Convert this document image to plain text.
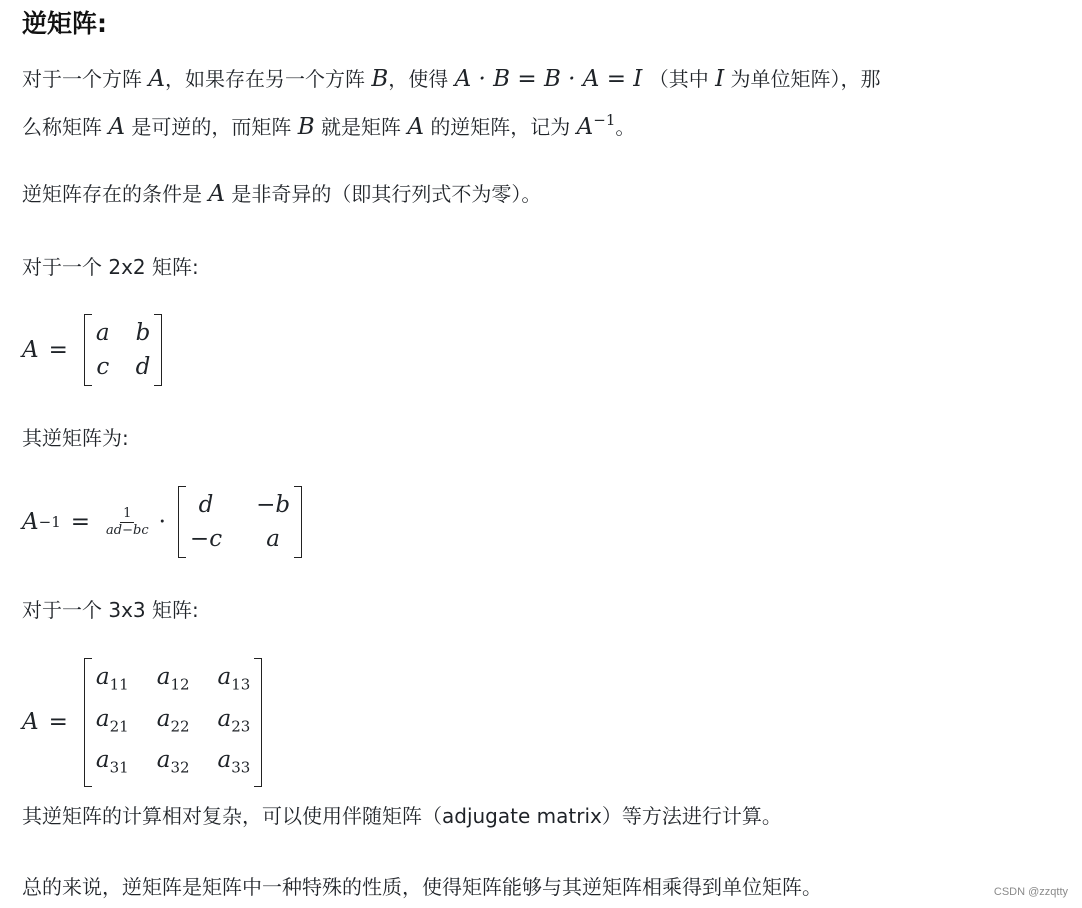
逆矩阵:

对于一个方阵 A，如果存在另一个方阵 B，使得 A · B = B · A = I （其中 I 为单位矩阵），那

么称矩阵 A 是可逆的，而矩阵 B 就是矩阵 A 的逆矩阵，记为 $A^{-1}$。

逆矩阵存在的条件是 A 是非奇异的（即其行列式不为零）。

对于一个 2x2 矩阵:

A =
a b
c d

其逆矩阵为:

$A -1 = \frac{1}{ad-bc}$ ·
d	−b
−c	a

对于一个 3x3 矩阵:

A =
$a_{11}$ $a_{12}$ $a_{13}$
$a_{21}$ $a_{22}$ $a_{23}$
$a_{31}$ $a_{32}$ $a_{33}$

其逆矩阵的计算相对复杂，可以使用伴随矩阵（adjugate matrix）等方法进行计算。

总的来说，逆矩阵是矩阵中一种特殊的性质，使得矩阵能够与其逆矩阵相乘得到单位矩阵。	CSDN @zzqtty
